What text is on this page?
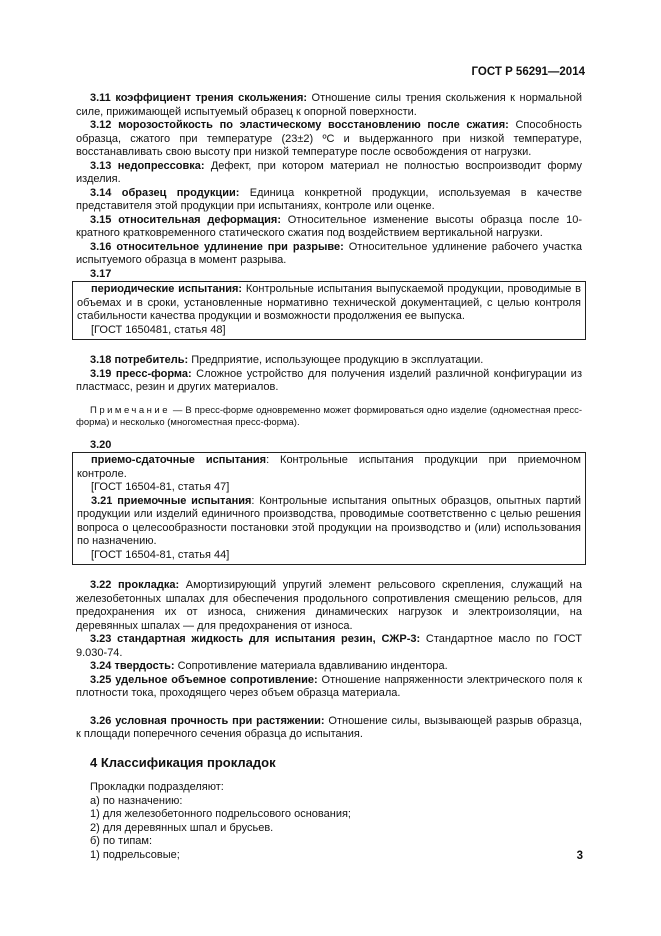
ГОСТ Р 56291—2014

3.11 коэффициент трения скольжения: Отношение силы трения скольжения к нормальной силе, прижимающей испытуемый образец к опорной поверхности.

3.12 морозостойкость по эластическому восстановлению после сжатия: Способность образца, сжатого при температуре (23±2) ºС и выдержанного при низкой температуре, восстанавливать свою высоту при низкой температуре после освобождения от нагрузки.

3.13 недопрессовка: Дефект, при котором материал не полностью воспроизводит форму изделия.

3.14 образец продукции: Единица конкретной продукции, используемая в качестве представителя этой продукции при испытаниях, контроле или оценке.

3.15 относительная деформация: Относительное изменение высоты образца после 10-кратного кратковременного статического сжатия под воздействием вертикальной нагрузки.

3.16 относительное удлинение при разрыве: Относительное удлинение рабочего участка испытуемого образца в момент разрыва.

3.17

периодические испытания: Контрольные испытания выпускаемой продукции, проводимые в объемах и в сроки, установленные нормативно технической документацией, с целью контроля стабильности качества продукции и возможности продолжения ее выпуска.

[ГОСТ 1650481, статья 48]

3.18 потребитель: Предприятие, использующее продукцию в эксплуатации.

3.19 пресс-форма: Сложное устройство для получения изделий различной конфигурации из пластмасс, резин и других материалов.

Примечание — В пресс-форме одновременно может формироваться одно изделие (одноместная пресс-форма) и несколько (многоместная пресс-форма).

3.20

приемо-сдаточные испытания: Контрольные испытания продукции при приемочном контроле.

[ГОСТ 16504-81, статья 47]

3.21 приемочные испытания: Контрольные испытания опытных образцов, опытных партий продукции или изделий единичного производства, проводимые соответственно с целью решения вопроса о целесообразности постановки этой продукции на производство и (или) использования по назначению.

[ГОСТ 16504-81, статья 44]

3.22 прокладка: Амортизирующий упругий элемент рельсового скрепления, служащий на железобетонных шпалах для обеспечения продольного сопротивления смещению рельсов, для предохранения их от износа, снижения динамических нагрузок и электроизоляции, на деревянных шпалах — для предохранения от износа.

3.23 стандартная жидкость для испытания резин, СЖР-3: Стандартное масло по ГОСТ 9.030-74.

3.24 твердость: Сопротивление материала вдавливанию индентора.

3.25 удельное объемное сопротивление: Отношение напряженности электрического поля к плотности тока, проходящего через объем образца материала.

3.26 условная прочность при растяжении: Отношение силы, вызывающей разрыв образца, к площади поперечного сечения образца до испытания.

4 Классификация прокладок

Прокладки подразделяют:

а) по назначению:

1) для железобетонного подрельсового основания;

2) для деревянных шпал и брусьев.

б) по типам:

1) подрельсовые;	3
